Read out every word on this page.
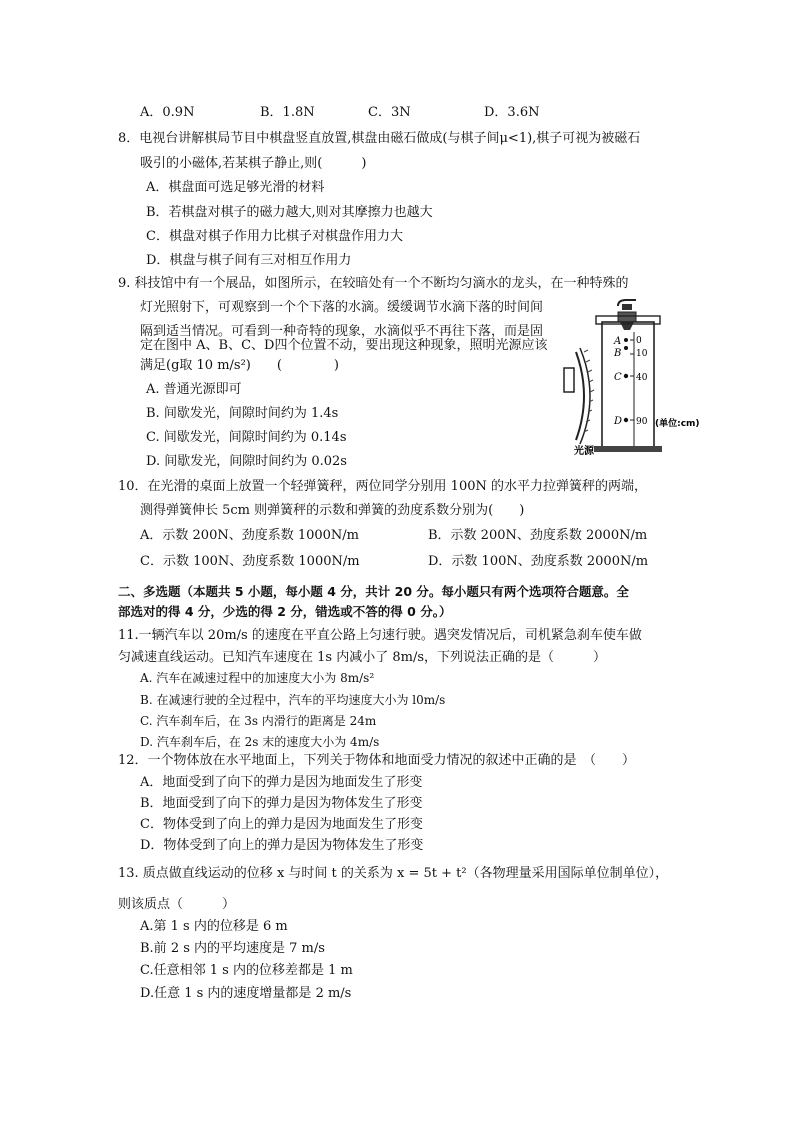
A．0.9N	B．1.8N	C．3N	D．3.6N
8．电视台讲解棋局节目中棋盘竖直放置,棋盘由磁石做成(与棋子间μ<1),棋子可视为被磁石
吸引的小磁体,若某棋子静止,则(　　　)
A．棋盘面可选足够光滑的材料
B．若棋盘对棋子的磁力越大,则对其摩擦力也越大
C．棋盘对棋子作用力比棋子对棋盘作用力大
D．棋盘与棋子间有三对相互作用力
9. 科技馆中有一个展品，如图所示，在较暗处有一个不断均匀滴水的龙头，在一种特殊的
灯光照射下，可观察到一个个下落的水滴。缓缓调节水滴下落的时间间
隔到适当情况。可看到一种奇特的现象，水滴似乎不再往下落，而是固
定在图中 A、B、C、D四个位置不动，要出现这种现象，照明光源应该
满足(g取 10 m/s²)　　(　　　　)
A. 普通光源即可
B. 间歇发光，间隙时间约为 1.4s
C. 间歇发光，间隙时间约为 0.14s
D. 间歇发光，间隙时间约为 0.02s
光源
A
B
C
D
0
10
40
90 (单位:cm)
10．在光滑的桌面上放置一个轻弹簧秤，两位同学分别用 100N 的水平力拉弹簧秤的两端，
测得弹簧伸长 5cm 则弹簧秤的示数和弹簧的劲度系数分别为(　　)
A．示数 200N、劲度系数 1000N/m	B．示数 200N、劲度系数 2000N/m
C．示数 100N、劲度系数 1000N/m	D．示数 100N、劲度系数 2000N/m
二、多选题（本题共 5 小题，每小题 4 分，共计 20 分。每小题只有两个选项符合题意。全
部选对的得 4 分，少选的得 2 分，错选或不答的得 0 分。）
11.一辆汽车以 20m/s 的速度在平直公路上匀速行驶。遇突发情况后，司机紧急刹车使车做
匀减速直线运动。已知汽车速度在 1s 内减小了 8m/s，下列说法正确的是（　　　）
A. 汽车在减速过程中的加速度大小为 8m/s²
B. 在减速行驶的全过程中，汽车的平均速度大小为 l0m/s
C. 汽车刹车后，在 3s 内滑行的距离是 24m
D. 汽车刹车后，在 2s 末的速度大小为 4m/s
12．一个物体放在水平地面上，下列关于物体和地面受力情况的叙述中正确的是　（　　）
A．地面受到了向下的弹力是因为地面发生了形变
B．地面受到了向下的弹力是因为物体发生了形变
C．物体受到了向上的弹力是因为地面发生了形变
D．物体受到了向上的弹力是因为物体发生了形变
13. 质点做直线运动的位移 x 与时间 t 的关系为 x = 5t + t²（各物理量采用国际单位制单位），
则该质点（　　　）
A.第 1 s 内的位移是 6 m
B.前 2 s 内的平均速度是 7 m/s
C.任意相邻 1 s 内的位移差都是 1 m
D.任意 1 s 内的速度增量都是 2 m/s
